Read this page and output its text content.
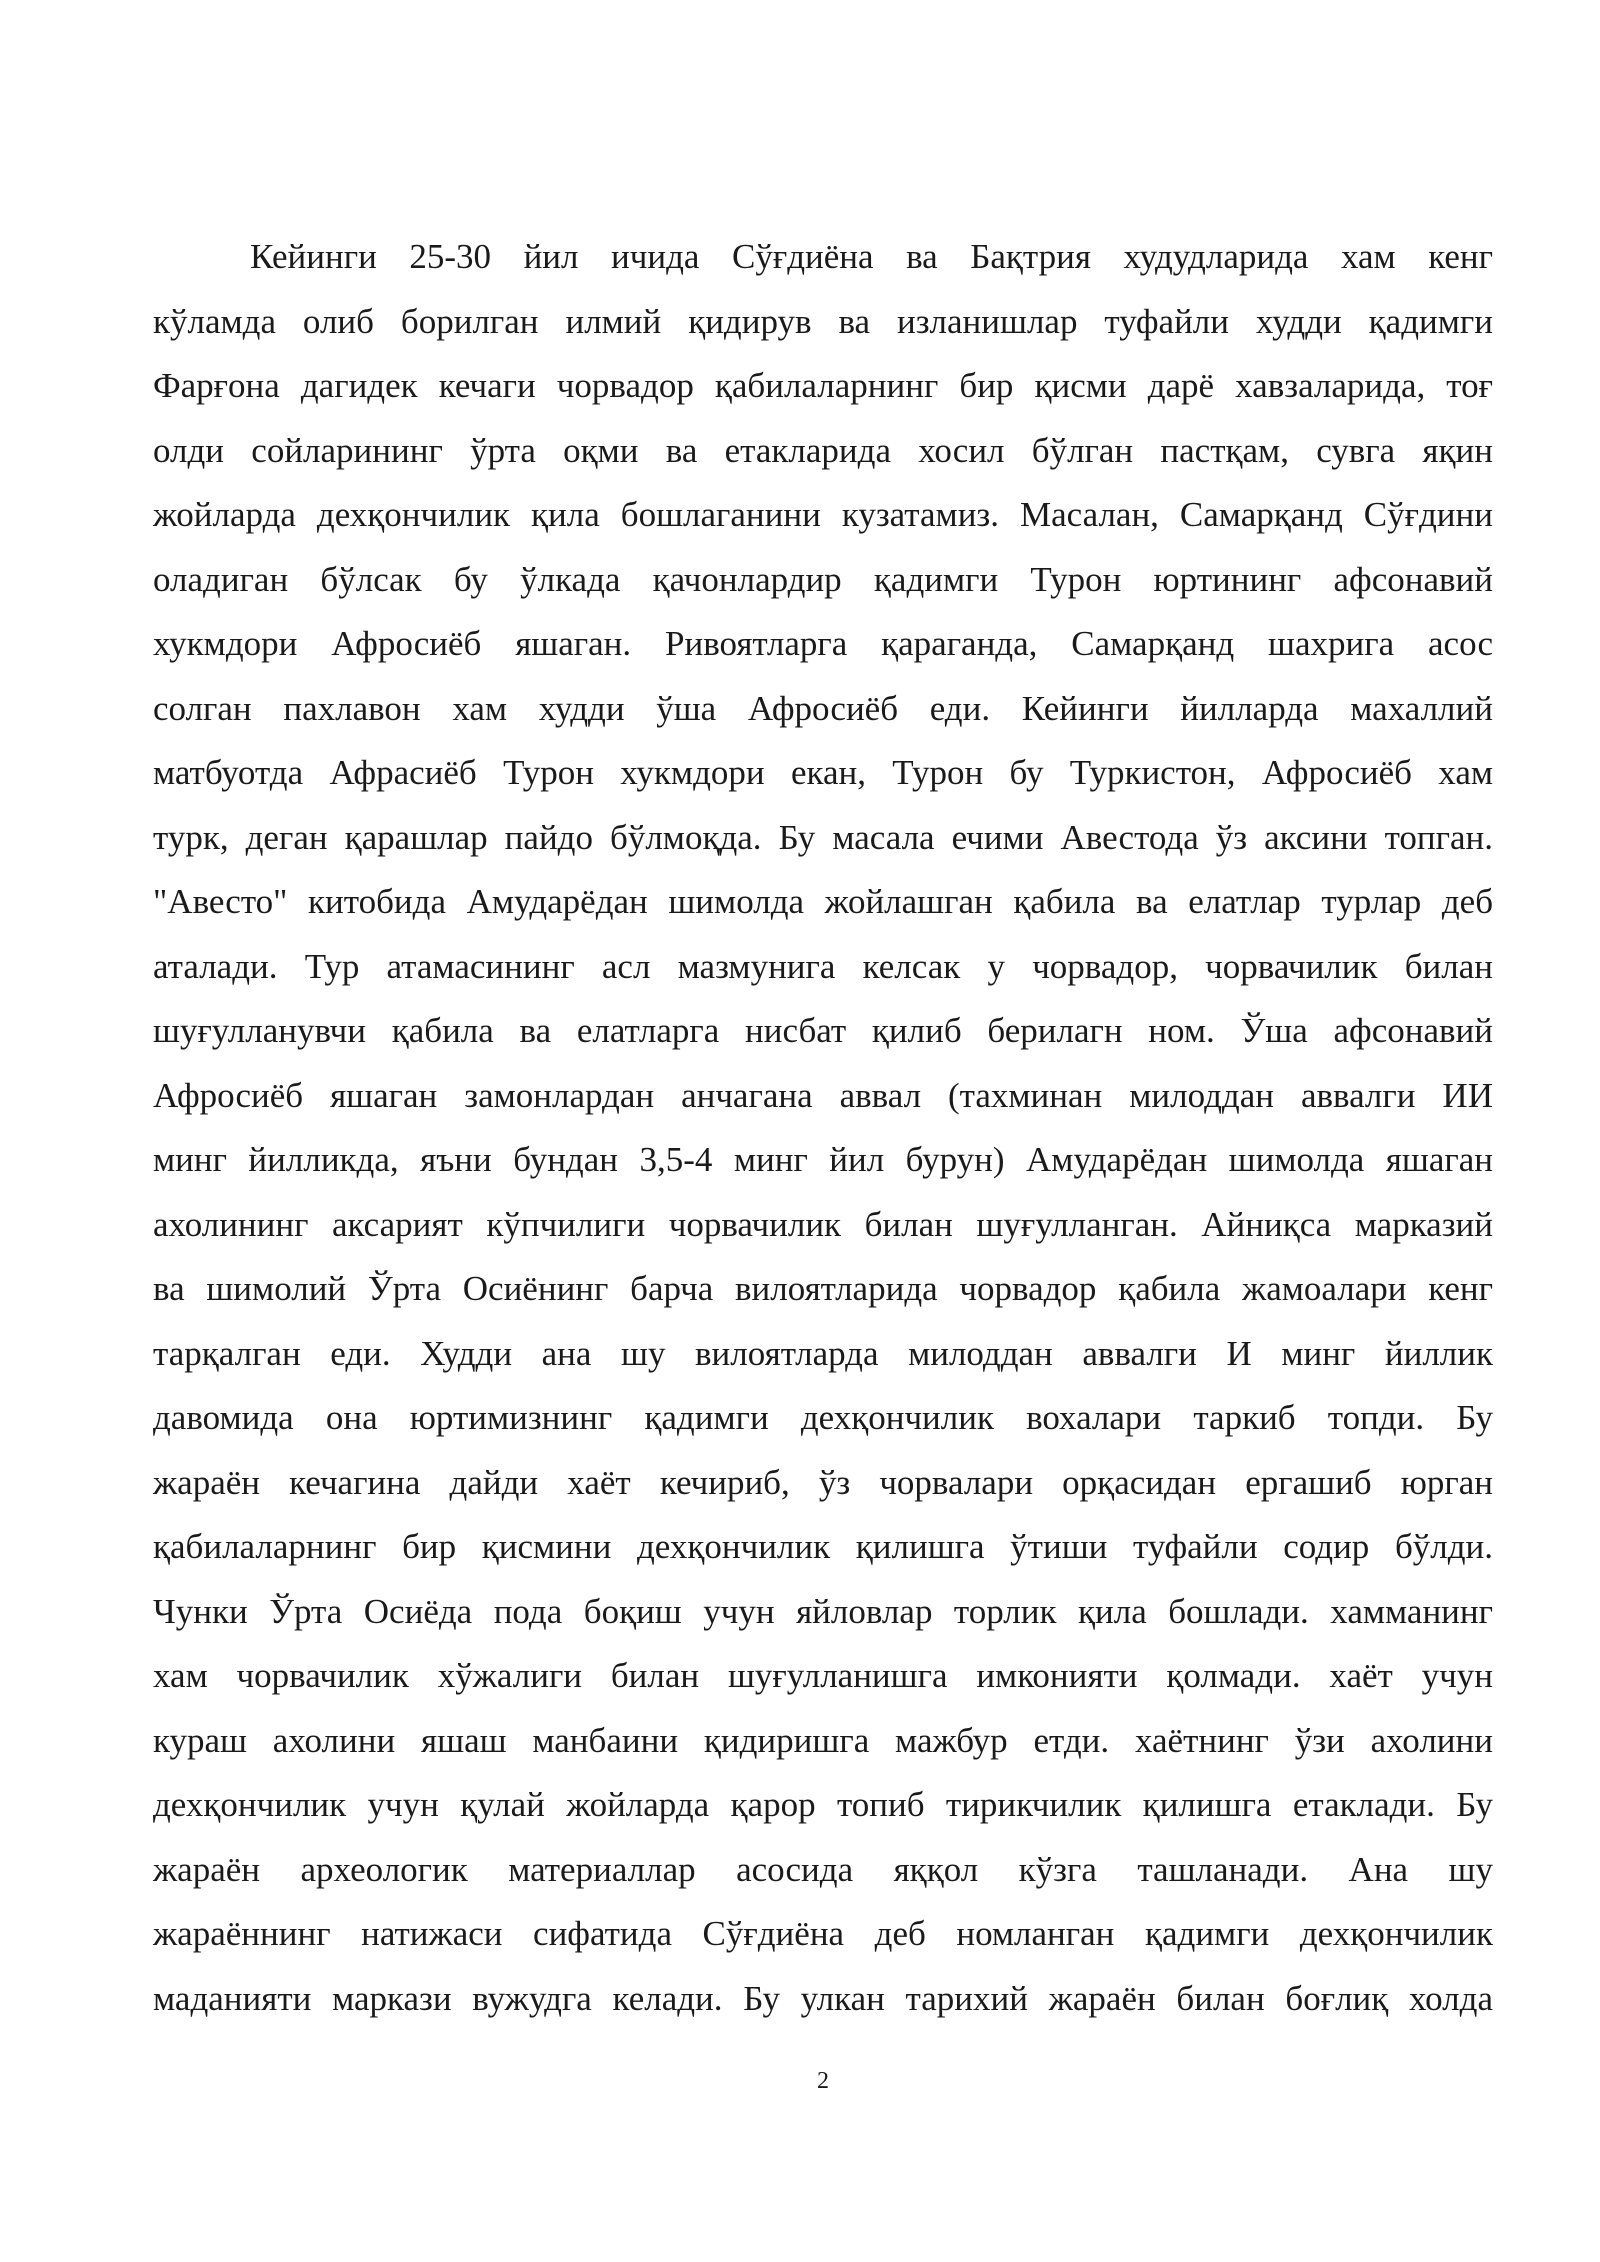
Кейинги 25-30 йил ичида Сўғдиёна ва Бақтрия худудларида хам кенг
кўламда олиб борилган илмий қидирув ва изланишлар туфайли худди қадимги
Фарғона дагидек кечаги чорвадор қабилаларнинг бир қисми дарё хавзаларида, тоғ
олди сойларининг ўрта оқми ва етакларида хосил бўлган пастқам, сувга яқин
жойларда дехқончилик қила бошлаганини кузатамиз. Масалан, Самарқанд Сўғдини
оладиган бўлсак бу ўлкада қачонлардир қадимги Турон юртининг афсонавий
хукмдори Афросиёб яшаган. Ривоятларга қараганда, Самарқанд шахрига асос
солган пахлавон хам худди ўша Афросиёб еди. Кейинги йилларда махаллий
матбуотда Афрасиёб Турон хукмдори екан, Турон бу Туркистон, Афросиёб хам
турк, деган қарашлар пайдо бўлмоқда. Бу масала ечими Авестода ўз аксини топган.
"Авесто" китобида Амударёдан шимолда жойлашган қабила ва елатлар турлар деб
аталади. Тур атамасининг асл мазмунига келсак у чорвадор, чорвачилик билан
шуғулланувчи қабила ва елатларга нисбат қилиб берилагн ном. Ўша афсонавий
Афросиёб яшаган замонлардан анчагана аввал (тахминан милоддан аввалги ИИ
минг йилликда, яъни бундан 3,5-4 минг йил бурун) Амударёдан шимолда яшаган
ахолининг аксарият кўпчилиги чорвачилик билан шуғулланган. Айниқса марказий
ва шимолий Ўрта Осиёнинг барча вилоятларида чорвадор қабила жамоалари кенг
тарқалган еди. Худди ана шу вилоятларда милоддан аввалги И минг йиллик
давомида она юртимизнинг қадимги дехқончилик вохалари таркиб топди. Бу
жараён кечагина дайди хаёт кечириб, ўз чорвалари орқасидан ергашиб юрган
қабилаларнинг бир қисмини дехқончилик қилишга ўтиши туфайли содир бўлди.
Чунки Ўрта Осиёда пода боқиш учун яйловлар торлик қила бошлади. хамманинг
хам чорвачилик хўжалиги билан шуғулланишга имконияти қолмади. хаёт учун
кураш ахолини яшаш манбаини қидиришга мажбур етди. хаётнинг ўзи ахолини
дехқончилик учун қулай жойларда қарор топиб тирикчилик қилишга етаклади. Бу
жараён археологик материаллар асосида яққол кўзга ташланади. Ана шу
жараённинг натижаси сифатида Сўғдиёна деб номланган қадимги дехқончилик
маданияти маркази вужудга келади. Бу улкан тарихий жараён билан боғлиқ холда
2
